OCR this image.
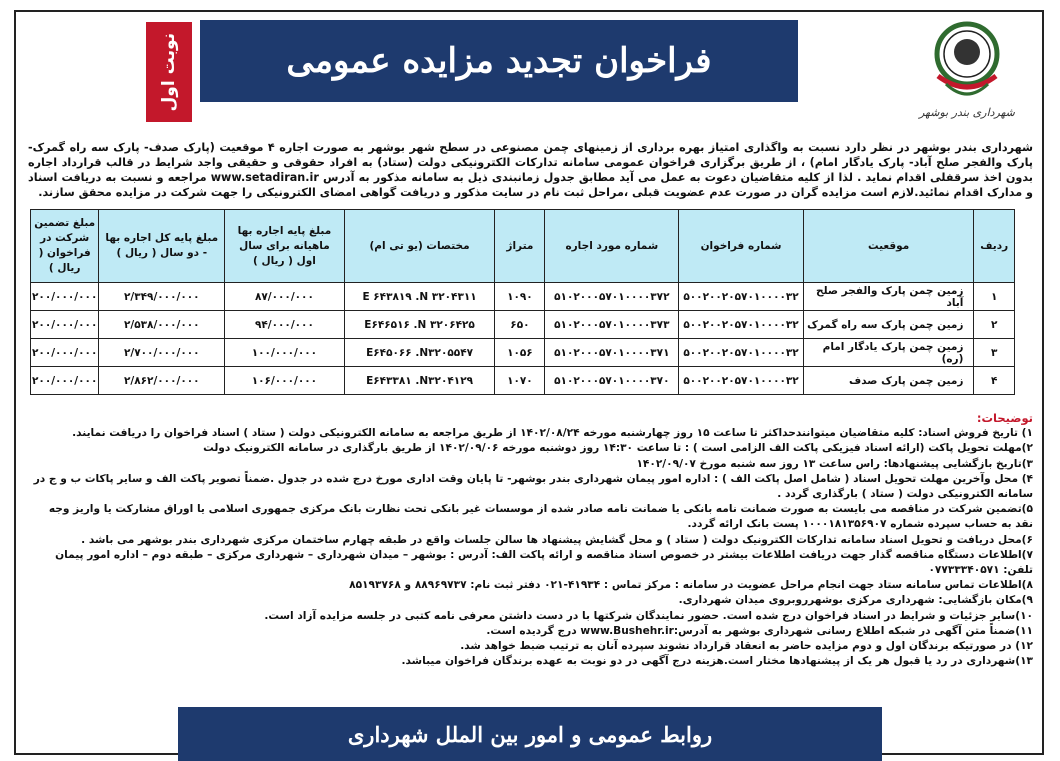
شهرداری بندر بوشهر
فراخوان تجدید مزایده عمومی
نوبت اول
شهرداری بندر بوشهر در نظر دارد نسبت به واگذاری امتیاز بهره برداری از زمینهای چمن مصنوعی در سطح شهر بوشهر به صورت اجاره ۴ موقعیت (پارک صدف- پارک سه راه گمرک- پارک والفجر صلح آباد- پارک یادگار امام) ، از طریق برگزاری فراخوان عمومی سامانه تدارکات الکترونیکی دولت (ستاد) به افراد حقوقی و حقیقی واجد شرایط در قالب قرارداد اجاره بدون اخذ سرقفلی اقدام نماید . لذا از کلیه متقاضیان دعوت به عمل می آید مطابق جدول زمانبندی ذیل به سامانه مذکور به آدرس www.setadiran.ir مراجعه و نسبت به دریافت اسناد و مدارک اقدام نمائید.لازم است مزایده گران در صورت عدم عضویت قبلی ،مراحل ثبت نام در سایت مذکور و دریافت گواهی امضای الکترونیکی را جهت شرکت در مزایده محقق سازند.
ردیف	موقعیت	شماره فراخوان	شماره مورد اجاره	متراژ	مختصات (یو تی ام)	مبلغ پایه اجاره بها ماهیانه برای سال اول ( ریال )	مبلغ پایه کل اجاره بها - دو سال ( ریال )	مبلغ تضمین شرکت در فراخوان ( ریال )
۱	زمین چمن پارک والفجر صلح آباد	۵۰۰۲۰۰۲۰۵۷۰۱۰۰۰۰۳۲	۵۱۰۲۰۰۰۵۷۰۱۰۰۰۰۳۷۲	۱۰۹۰	E ۶۴۳۸۱۹ .N ۳۲۰۴۳۱۱	۸۷/۰۰۰/۰۰۰	۲/۳۴۹/۰۰۰/۰۰۰	۲۰۰/۰۰۰/۰۰۰
۲	زمین چمن پارک سه راه گمرک	۵۰۰۲۰۰۲۰۵۷۰۱۰۰۰۰۳۲	۵۱۰۲۰۰۰۵۷۰۱۰۰۰۰۳۷۳	۶۵۰	E۶۴۶۵۱۶ .N ۳۲۰۶۴۲۵	۹۴/۰۰۰/۰۰۰	۲/۵۳۸/۰۰۰/۰۰۰	۲۰۰/۰۰۰/۰۰۰
۳	زمین چمن پارک یادگار امام (ره)	۵۰۰۲۰۰۲۰۵۷۰۱۰۰۰۰۳۲	۵۱۰۲۰۰۰۵۷۰۱۰۰۰۰۳۷۱	۱۰۵۶	E۶۴۵۰۶۶ .N۳۲۰۵۵۴۷	۱۰۰/۰۰۰/۰۰۰	۲/۷۰۰/۰۰۰/۰۰۰	۲۰۰/۰۰۰/۰۰۰
۴	زمین چمن پارک صدف	۵۰۰۲۰۰۲۰۵۷۰۱۰۰۰۰۳۲	۵۱۰۲۰۰۰۵۷۰۱۰۰۰۰۳۷۰	۱۰۷۰	E۶۴۳۳۸۱ .N۳۲۰۴۱۲۹	۱۰۶/۰۰۰/۰۰۰	۲/۸۶۲/۰۰۰/۰۰۰	۲۰۰/۰۰۰/۰۰۰

توضیحات:

۱) تاریخ فروش اسناد: کلیه متقاضیان میتوانندحداکثر تا ساعت ۱۵ روز چهارشنبه مورخه ۱۴۰۲/۰۸/۲۴ از طریق مراجعه به سامانه الکترونیکی دولت ( ستاد ) اسناد فراخوان را دریافت نمایند.

۲)مهلت تحویل پاکت (ارائه اسناد فیزیکی پاکت الف الزامی است ) : تا ساعت ۱۴:۳۰ روز دوشنبه مورخه ۱۴۰۲/۰۹/۰۶ از طریق بارگذاری در سامانه الکترونیک دولت

۳)تاریخ بازگشایی پیشنهادها: راس ساعت ۱۳ روز سه شنبه مورخ ۱۴۰۲/۰۹/۰۷

۴) محل وآخرین مهلت تحویل اسناد ( شامل اصل پاکت الف ) : اداره امور پیمان شهرداری بندر بوشهر- تا پایان وقت اداری مورخ درج شده در جدول .ضمناً تصویر پاکت الف و سایر پاکات ب و ج در سامانه الکترونیکی دولت ( ستاد ) بارگذاری گردد .

۵)تضمین شرکت در مناقصه می بایست به صورت ضمانت نامه بانکی یا ضمانت نامه صادر شده از موسسات غیر بانکی تحت نظارت بانک مرکزی جمهوری اسلامی یا اوراق مشارکت یا واریز وجه نقد به حساب سپرده شماره ۱۰۰۰۱۸۱۳۵۶۹۰۷ پست بانک ارائه گردد.

۶)محل دریافت و تحویل اسناد سامانه تدارکات الکترونیک دولت ( ستاد ) و محل گشایش پیشنهاد ها سالن جلسات واقع در طبقه چهارم ساختمان مرکزی شهرداری بندر بوشهر می باشد .

۷)اطلاعات دستگاه مناقصه گذار جهت دریافت اطلاعات بیشتر در خصوص اسناد مناقصه و ارائه پاکت الف: آدرس : بوشهر – میدان شهرداری – شهرداری مرکزی – طبقه دوم – اداره امور پیمان تلفن: ۰۷۷۳۳۳۴۰۵۷۱

۸)اطلاعات تماس سامانه ستاد جهت انجام مراحل عضویت در سامانه : مرکز تماس : ۴۱۹۳۴-۰۲۱ دفتر ثبت نام: ۸۸۹۶۹۷۳۷ و ۸۵۱۹۳۷۶۸

۹)مکان بازگشایی: شهرداری مرکزی بوشهرروبروی میدان شهرداری.

۱۰)سایر جزئیات و شرایط در اسناد فراخوان درج شده است. حضور نمایندگان شرکتها با در دست داشتن معرفی نامه کتبی در جلسه مزایده آزاد است.

۱۱)ضمناً متن آگهی در شبکه اطلاع رسانی شهرداری بوشهر به آدرس:www.Bushehr.ir درج گردیده است.

۱۲) در صورتیکه برندگان اول و دوم مزایده حاضر به انعقاد قرارداد نشوند سپرده آنان به ترتیب ضبط خواهد شد.

۱۳)شهرداری در رد یا قبول هر یک از پیشنهادها مختار است.هزینه درج آگهی در دو نوبت به عهده برندگان فراخوان میباشد.

روابط عمومی و امور بین الملل شهرداری
